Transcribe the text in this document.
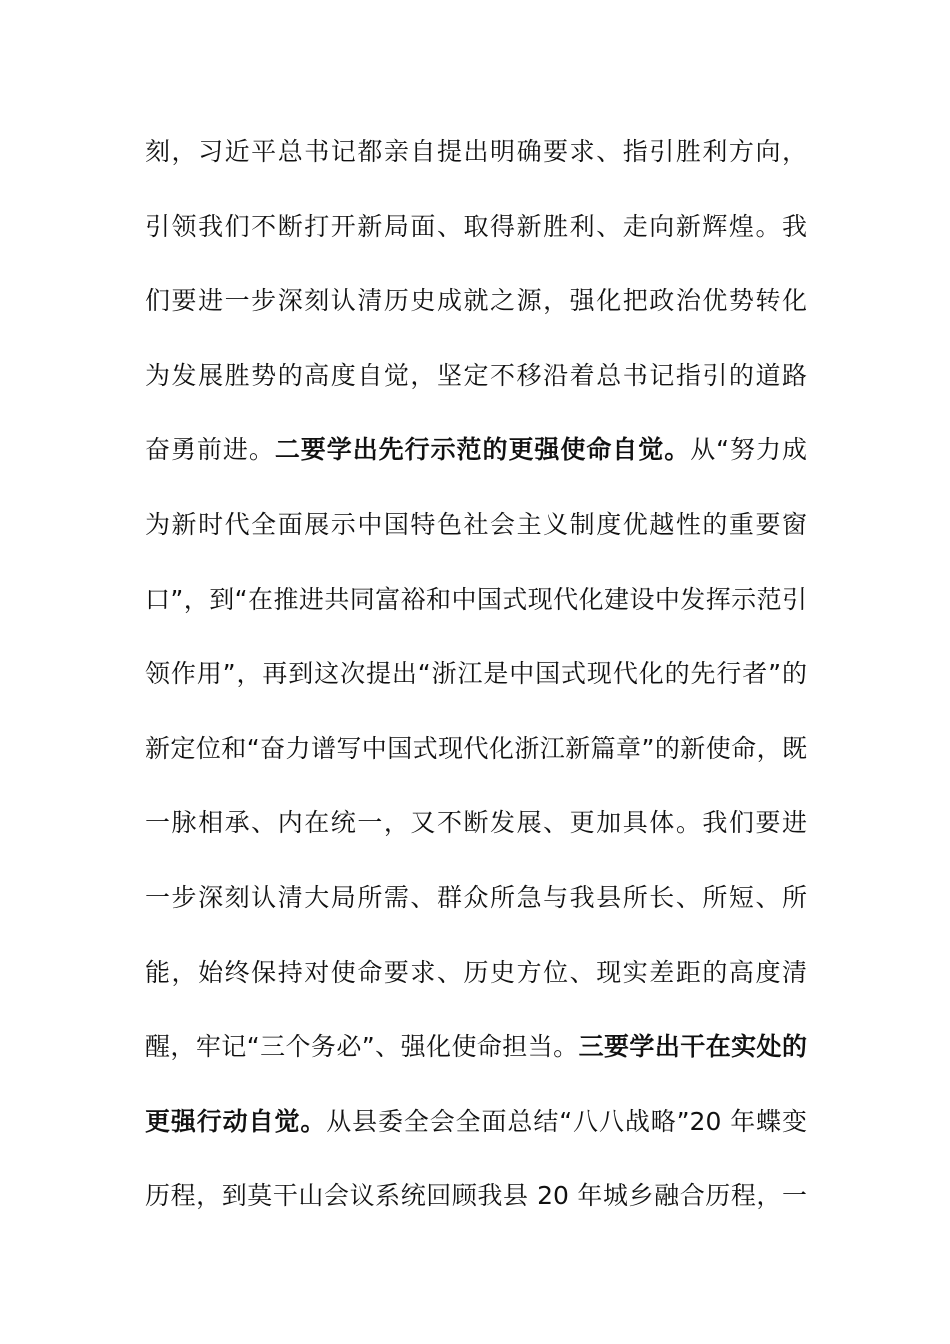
刻，习近平总书记都亲自提出明确要求、指引胜利方向，
引领我们不断打开新局面、取得新胜利、走向新辉煌。我
们要进一步深刻认清历史成就之源，强化把政治优势转化
为发展胜势的高度自觉，坚定不移沿着总书记指引的道路
奋勇前进。二要学出先行示范的更强使命自觉。从“努力成
为新时代全面展示中国特色社会主义制度优越性的重要窗
口”，到“在推进共同富裕和中国式现代化建设中发挥示范引
领作用”，再到这次提出“浙江是中国式现代化的先行者”的
新定位和“奋力谱写中国式现代化浙江新篇章”的新使命，既
一脉相承、内在统一，又不断发展、更加具体。我们要进
一步深刻认清大局所需、群众所急与我县所长、所短、所
能，始终保持对使命要求、历史方位、现实差距的高度清
醒，牢记“三个务必”、强化使命担当。三要学出干在实处的
更强行动自觉。从县委全会全面总结“八八战略”20 年蝶变
历程，到莫干山会议系统回顾我县 20 年城乡融合历程，一
